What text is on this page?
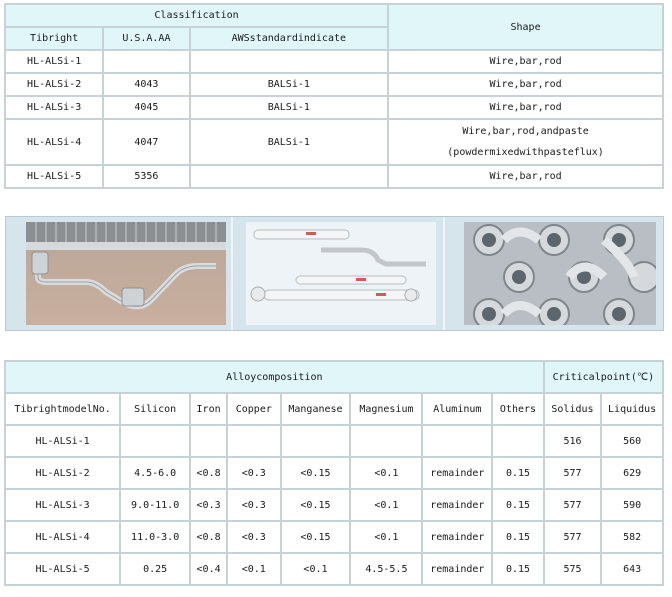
Classification			Shape
Tibright	U.S.A.AA	AWSstandardindicate	
HL-ALSi-1			Wire,bar,rod
HL-ALSi-2	4043	BALSi-1	Wire,bar,rod
HL-ALSi-3	4045	BALSi-1	Wire,bar,rod
HL-ALSi-4	4047	BALSi-1	Wire,bar,rod,andpaste
(powdermixedwithpasteflux)

HL-ALSi-5	5356		Wire,bar,rod
Alloycomposition								Criticalpoint(℃)	
TibrightmodelNo.	Silicon	Iron	Copper	Manganese	Magnesium	Aluminum	Others	Solidus	Liquidus
HL-ALSi-1								516	560
HL-ALSi-2	4.5-6.0	<0.8	<0.3	<0.15	<0.1	remainder	0.15	577	629
HL-ALSi-3	9.0-11.0	<0.3	<0.3	<0.15	<0.1	remainder	0.15	577	590
HL-ALSi-4	11.0-3.0	<0.8	<0.3	<0.15	<0.1	remainder	0.15	577	582
HL-ALSi-5	0.25	<0.4	<0.1	<0.1	4.5-5.5	remainder	0.15	575	643
